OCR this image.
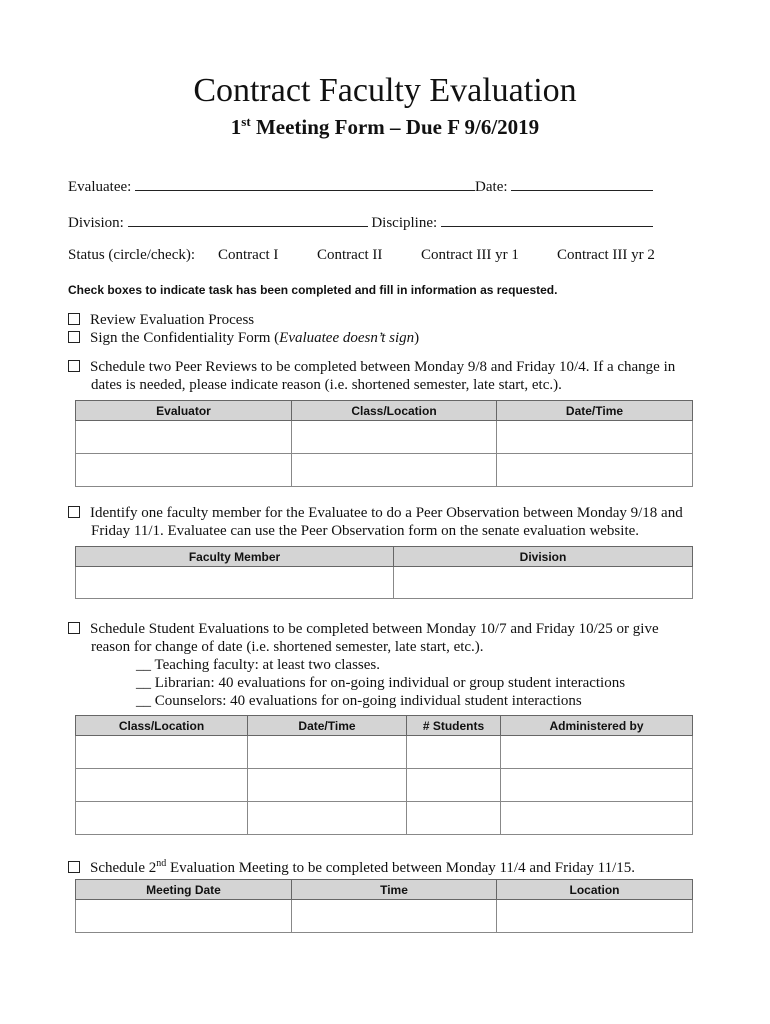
Contract Faculty Evaluation
1st Meeting Form – Due F 9/6/2019
Evaluatee:	Date:
Division:	Discipline:
Status (circle/check): Contract I	Contract II	Contract III yr 1	Contract III yr 2
Check boxes to indicate task has been completed and fill in information as requested.
Review Evaluation Process
Sign the Confidentiality Form (Evaluatee doesn’t sign)
Schedule two Peer Reviews to be completed between Monday 9/8 and Friday 10/4. If a change in
dates is needed, please indicate reason (i.e. shortened semester, late start, etc.).
Evaluator	Class/Location	Date/Time

Identify one faculty member for the Evaluatee to do a Peer Observation between Monday 9/18 and
Friday 11/1. Evaluatee can use the Peer Observation form on the senate evaluation website.
Faculty Member	Division

Schedule Student Evaluations to be completed between Monday 10/7 and Friday 10/25 or give
reason for change of date (i.e. shortened semester, late start, etc.).
__ Teaching faculty: at least two classes.
__ Librarian: 40 evaluations for on-going individual or group student interactions
__ Counselors: 40 evaluations for on-going individual student interactions
Class/Location	Date/Time	# Students	Administered by

Schedule 2nd Evaluation Meeting to be completed between Monday 11/4 and Friday 11/15.
Meeting Date	Time	Location
